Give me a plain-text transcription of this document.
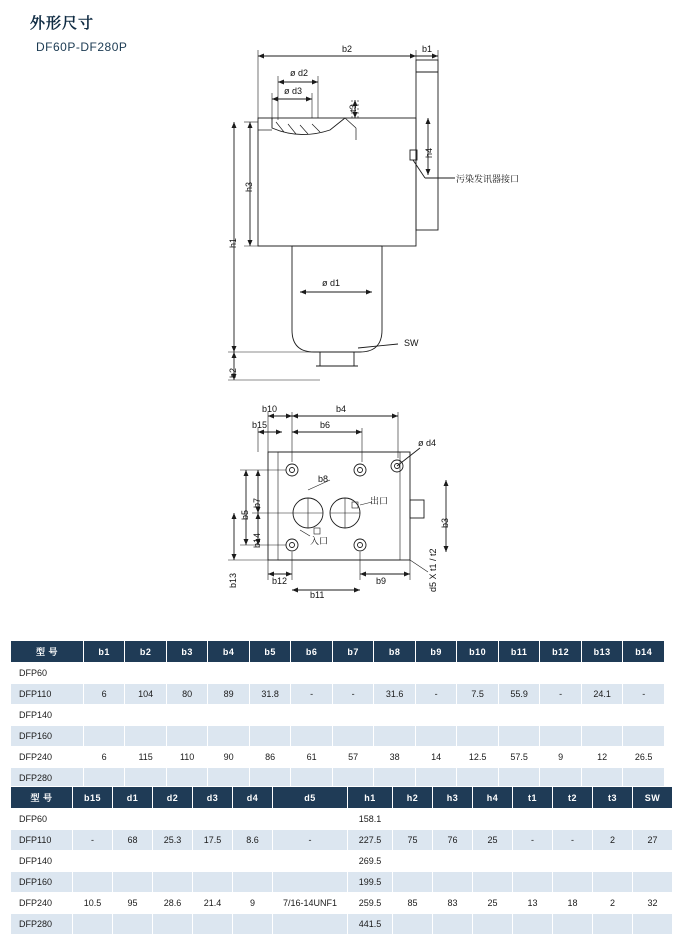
外形尺寸
DF60P-DF280P	b2	b1
ø d2
ø d3
t3
h4
h3
h1
h2
ø d1
SW
污染发讯器接口
b10	b4
b15	b6
ø d4
b5
b7
b14
b13
b3
b12	b9
b11
b8
入口
出口
d5 X t1 / t2
型 号	b1	b2	b3	b4	b5	b6	b7	b8	b9	b10	b11	b12	b13	b14
DFP60														
DFP110	6	104	80	89	31.8	-	-	31.6	-	7.5	55.9	-	24.1	-
DFP140														
DFP160														
DFP240	6	115	110	90	86	61	57	38	14	12.5	57.5	9	12	26.5
DFP280														
型 号	b15	d1	d2	d3	d4	d5	h1	h2	h3	h4	t1	t2	t3	SW
DFP60							158.1							
DFP110	-	68	25.3	17.5	8.6	-	227.5	75	76	25	-	-	2	27
DFP140							269.5							
DFP160							199.5							
DFP240	10.5	95	28.6	21.4	9	7/16-14UNF1	259.5	85	83	25	13	18	2	32
DFP280							441.5							
